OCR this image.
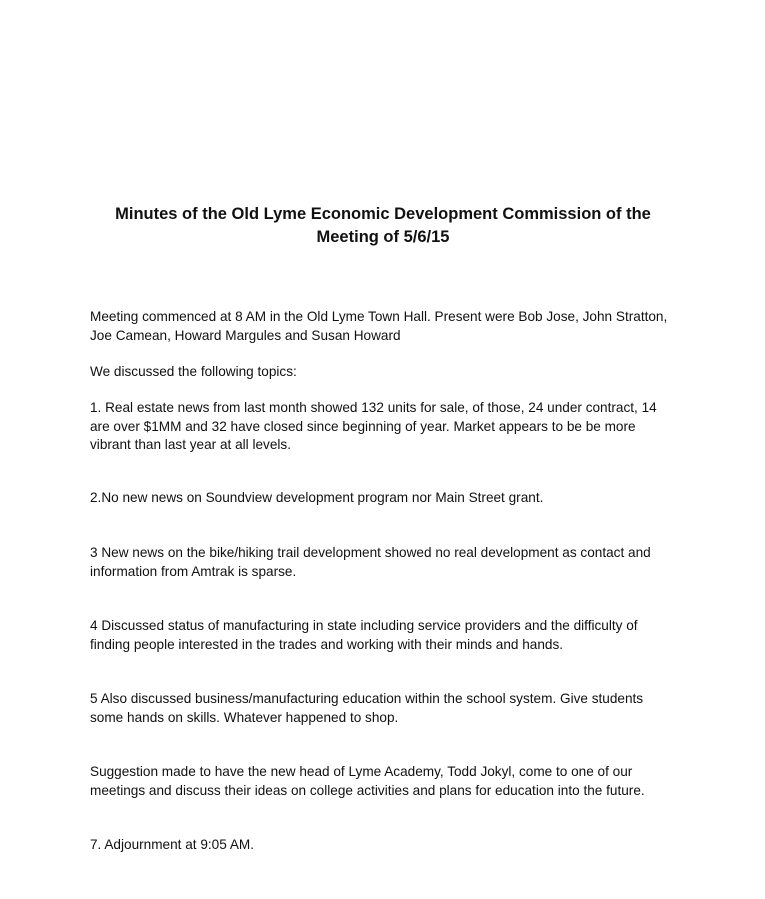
Minutes of the Old Lyme Economic Development Commission of the Meeting of 5/6/15

Meeting commenced at 8 AM in the Old Lyme Town Hall. Present were Bob Jose, John Stratton, Joe Camean, Howard Margules and Susan Howard

We discussed the following topics:

1. Real estate news from last month showed 132 units for sale, of those, 24 under contract, 14 are over $1MM and 32 have closed since beginning of year. Market appears to be be more vibrant than last year at all levels.

2.No new news on Soundview development program nor Main Street grant.

3 New news on the bike/hiking trail development showed no real development as contact and information from Amtrak is sparse.

4 Discussed status of manufacturing in state including service providers and the difficulty of finding people interested in the trades and working with their minds and hands.

5 Also discussed business/manufacturing education within the school system. Give students some hands on skills. Whatever happened to shop.

Suggestion made to have the new head of Lyme Academy, Todd Jokyl, come to one of our meetings and discuss their ideas on college activities and plans for education into the future.

7. Adjournment at 9:05 AM.
